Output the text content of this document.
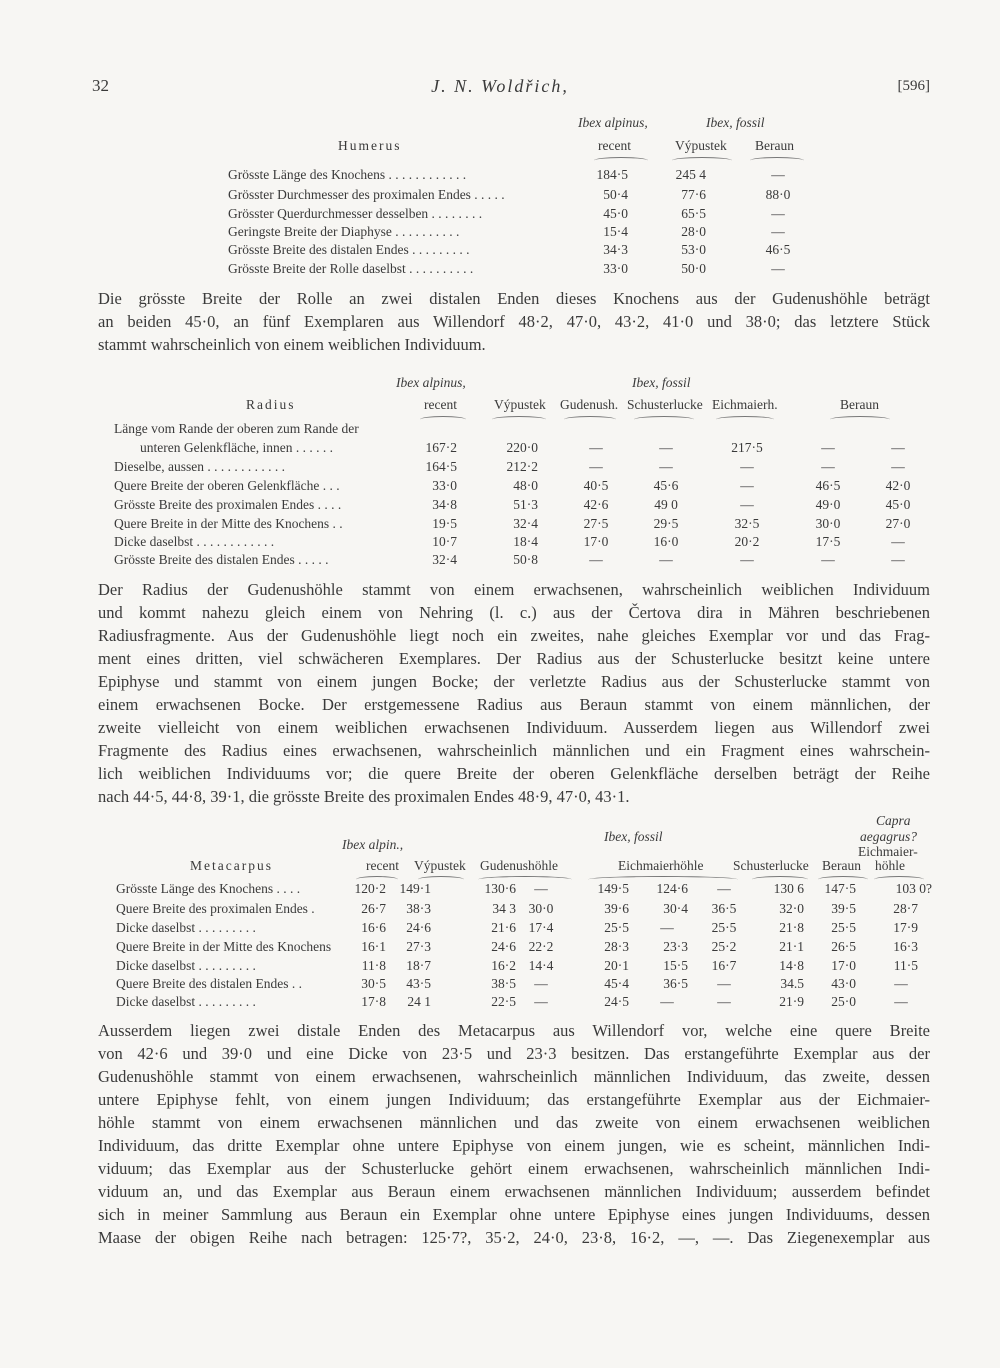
32	J. N. Woldřich,	[596]
Ibex alpinus,	Ibex, fossil
Humerus	recent	Výpustek Beraun
Grösste Länge des Knochens . . . . . . . . . . . .	184·5	245 4	—
Grösster Durchmesser des proximalen Endes . . . . .	50·4	77·6	88·0
Grösster Querdurchmesser desselben . . . . . . . .	45·0	65·5	—
Geringste Breite der Diaphyse . . . . . . . . . .	15·4	28·0	—
Grösste Breite des distalen Endes . . . . . . . . .	34·3	53·0	46·5
Grösste Breite der Rolle daselbst . . . . . . . . . .	33·0	50·0	—
Die grösste Breite der Rolle an zwei distalen Enden dieses Knochens aus der Gudenushöhle beträgt
an beiden 45·0, an fünf Exemplaren aus Willendorf 48·2, 47·0, 43·2, 41·0 und 38·0; das letztere Stück
stammt wahrscheinlich von einem weiblichen Individuum.
Ibex alpinus,	Ibex, fossil
Radius	recent	Výpustek Gudenush. Schusterlucke Eichmaierh.	Beraun
Länge vom Rande der oberen zum Rande der
unteren Gelenkfläche, innen . . . . . .	167·2	220·0	—	—	217·5	—	—
Dieselbe, aussen . . . . . . . . . . . .	164·5	212·2	—	—	—	—	—
Quere Breite der oberen Gelenkfläche . . .	33·0	48·0	40·5	45·6	—	46·5	42·0
Grösste Breite des proximalen Endes . . . .	34·8	51·3	42·6	49 0	—	49·0	45·0
Quere Breite in der Mitte des Knochens . .	19·5	32·4	27·5	29·5	32·5	30·0	27·0
Dicke daselbst . . . . . . . . . . . .	10·7	18·4	17·0	16·0	20·2	17·5	—
Grösste Breite des distalen Endes . . . . .	32·4	50·8	—	—	—	—	—
Der Radius der Gudenushöhle stammt von einem erwachsenen, wahrscheinlich weiblichen Individuum
und kommt nahezu gleich einem von Nehring (l. c.) aus der Čertova dira in Mähren beschriebenen
Radiusfragmente. Aus der Gudenushöhle liegt noch ein zweites, nahe gleiches Exemplar vor und das Frag-
ment eines dritten, viel schwächeren Exemplares. Der Radius aus der Schusterlucke besitzt keine untere
Epiphyse und stammt von einem jungen Bocke; der verletzte Radius aus der Schusterlucke stammt von
einem erwachsenen Bocke. Der erstgemessene Radius aus Beraun stammt von einem männlichen, der
zweite vielleicht von einem weiblichen erwachsenen Individuum. Ausserdem liegen aus Willendorf zwei
Fragmente des Radius eines erwachsenen, wahrscheinlich männlichen und ein Fragment eines wahrschein-
lich weiblichen Individuums vor; die quere Breite der oberen Gelenkfläche derselben beträgt der Reihe
nach 44·5, 44·8, 39·1, die grösste Breite des proximalen Endes 48·9, 47·0, 43·1.
Capra
Ibex, fossil	aegagrus?
Ibex alpin.,	Eichmaier-
Metacarpus	recent Výpustek Gudenushöhle	Eichmaierhöhle Schusterlucke Beraun höhle
Grösste Länge des Knochens . . . .	120·2	149·1	130·6	—	149·5	124·6	—	130 6	147·5	103 0?
Quere Breite des proximalen Endes .	26·7	38·3	34 3 30·0	39·6	30·4	36·5	32·0	39·5	28·7
Dicke daselbst . . . . . . . . .	16·6	24·6	21·6 17·4	25·5	—	25·5	21·8	25·5	17·9
Quere Breite in der Mitte des Knochens	16·1	27·3	24·6 22·2	28·3	23·3	25·2	21·1	26·5	16·3
Dicke daselbst . . . . . . . . .	11·8	18·7	16·2 14·4	20·1	15·5	16·7	14·8	17·0	11·5
Quere Breite des distalen Endes . .	30·5	43·5	38·5	—	45·4	36·5	—	34.5	43·0	—
Dicke daselbst . . . . . . . . .	17·8	24 1	22·5	—	24·5	—	—	21·9	25·0	—
Ausserdem liegen zwei distale Enden des Metacarpus aus Willendorf vor, welche eine quere Breite
von 42·6 und 39·0 und eine Dicke von 23·5 und 23·3 besitzen. Das erstangeführte Exemplar aus der
Gudenushöhle stammt von einem erwachsenen, wahrscheinlich männlichen Individuum, das zweite, dessen
untere Epiphyse fehlt, von einem jungen Individuum; das erstangeführte Exemplar aus der Eichmaier-
höhle stammt von einem erwachsenen männlichen und das zweite von einem erwachsenen weiblichen
Individuum, das dritte Exemplar ohne untere Epiphyse von einem jungen, wie es scheint, männlichen Indi-
viduum; das Exemplar aus der Schusterlucke gehört einem erwachsenen, wahrscheinlich männlichen Indi-
viduum an, und das Exemplar aus Beraun einem erwachsenen männlichen Individuum; ausserdem befindet
sich in meiner Sammlung aus Beraun ein Exemplar ohne untere Epiphyse eines jungen Individuums, dessen
Maase der obigen Reihe nach betragen: 125·7?, 35·2, 24·0, 23·8, 16·2, —, —. Das Ziegenexemplar aus
